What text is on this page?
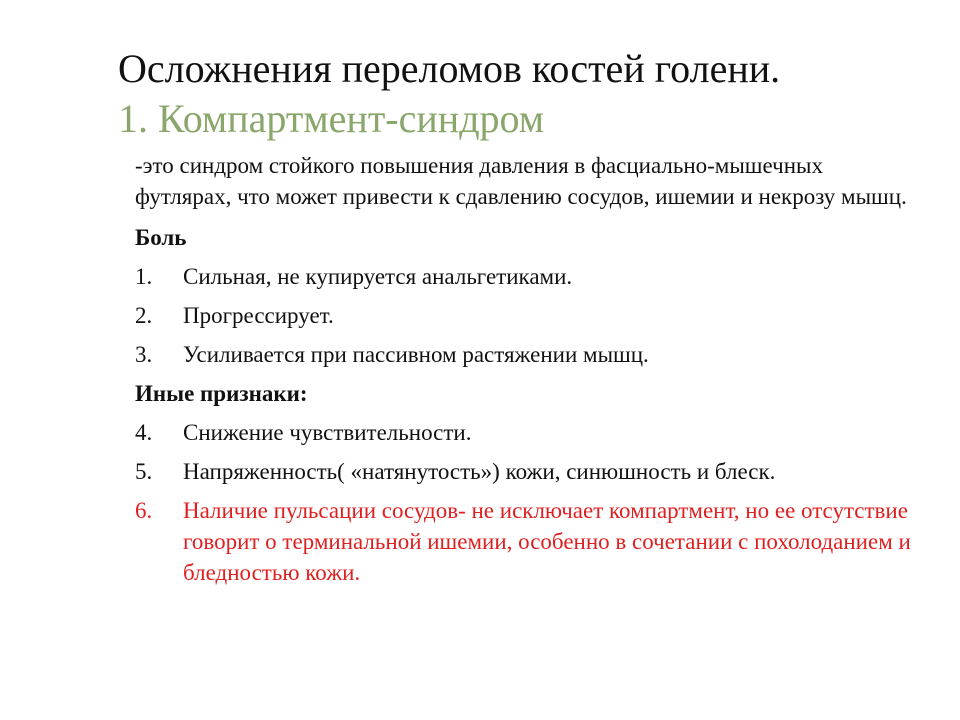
Осложнения переломов костей голени.
1. Компартмент-синдром

-это синдром стойкого повышения давления в фасциально-мышечных футлярах, что может привести к сдавлению сосудов, ишемии и некрозу мышц.

Боль
1.	Сильная, не купируется анальгетиками.
2.	Прогрессирует.
3.	Усиливается при пассивном растяжении мышц.
Иные признаки:
4.	Снижение чувствительности.
5.	Напряженность( «натянутость») кожи, синюшность и блеск.
6.	Наличие пульсации сосудов- не исключает компартмент, но ее отсутствие говорит о терминальной ишемии, особенно в сочетании с похолоданием и бледностью кожи.
